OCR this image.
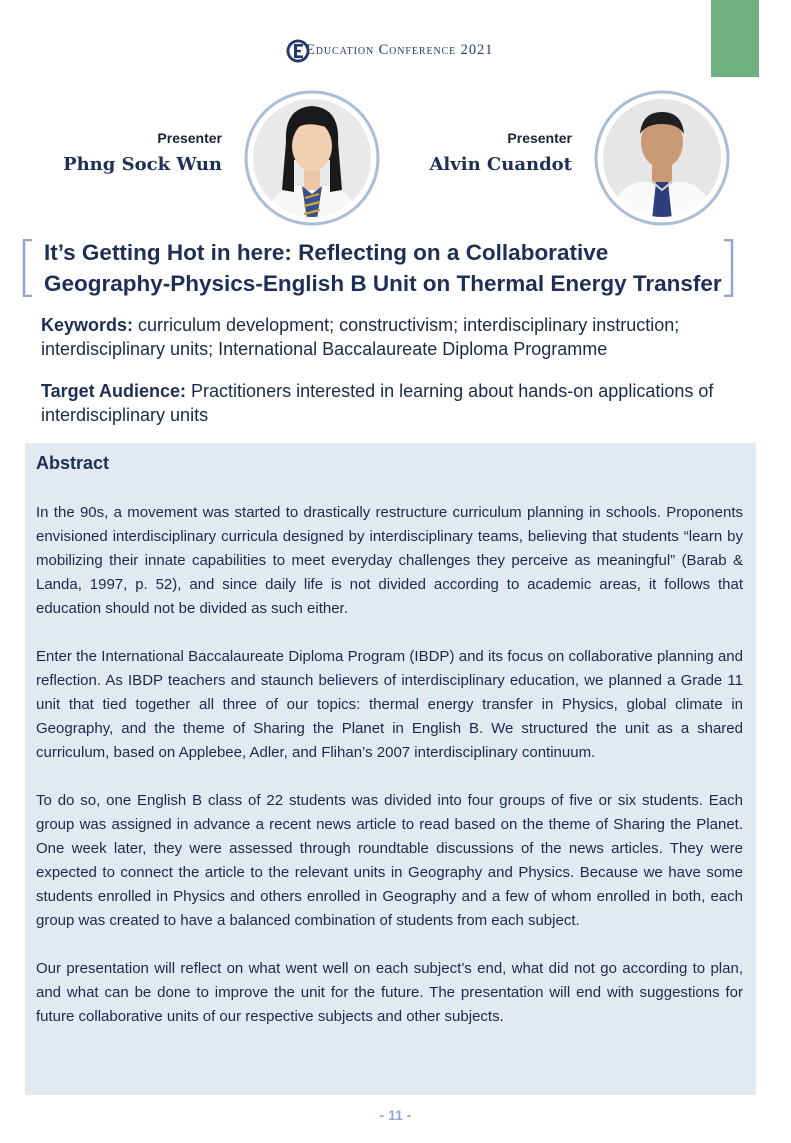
Education Conference 2021
Presenter
Phng Sock Wun
Presenter
Alvin Cuandot
It’s Getting Hot in here: Reflecting on a Collaborative Geography-Physics-English B Unit on Thermal Energy Transfer
Keywords: curriculum development; constructivism; interdisciplinary instruction; interdisciplinary units; International Baccalaureate Diploma Programme
Target Audience: Practitioners interested in learning about hands-on applications of interdisciplinary units
Abstract

In the 90s, a movement was started to drastically restructure curriculum planning in schools. Proponents envisioned interdisciplinary curricula designed by interdisciplinary teams, believing that students “learn by mobilizing their innate capabilities to meet everyday challenges they perceive as meaningful” (Barab & Landa, 1997, p. 52), and since daily life is not divided according to academic areas, it follows that education should not be divided as such either.

Enter the International Baccalaureate Diploma Program (IBDP) and its focus on collaborative planning and reflection. As IBDP teachers and staunch believers of interdisciplinary education, we planned a Grade 11 unit that tied together all three of our topics: thermal energy transfer in Physics, global climate in Geography, and the theme of Sharing the Planet in English B. We structured the unit as a shared curriculum, based on Applebee, Adler, and Flihan’s 2007 interdisciplinary continuum.

To do so, one English B class of 22 students was divided into four groups of five or six students. Each group was assigned in advance a recent news article to read based on the theme of Sharing the Planet. One week later, they were assessed through roundtable discussions of the news articles. They were expected to connect the article to the relevant units in Geography and Physics. Because we have some students enrolled in Physics and others enrolled in Geography and a few of whom enrolled in both, each group was created to have a balanced combination of students from each subject.

Our presentation will reflect on what went well on each subject’s end, what did not go according to plan, and what can be done to improve the unit for the future. The presentation will end with suggestions for future collaborative units of our respective subjects and other subjects.

- 11 -
